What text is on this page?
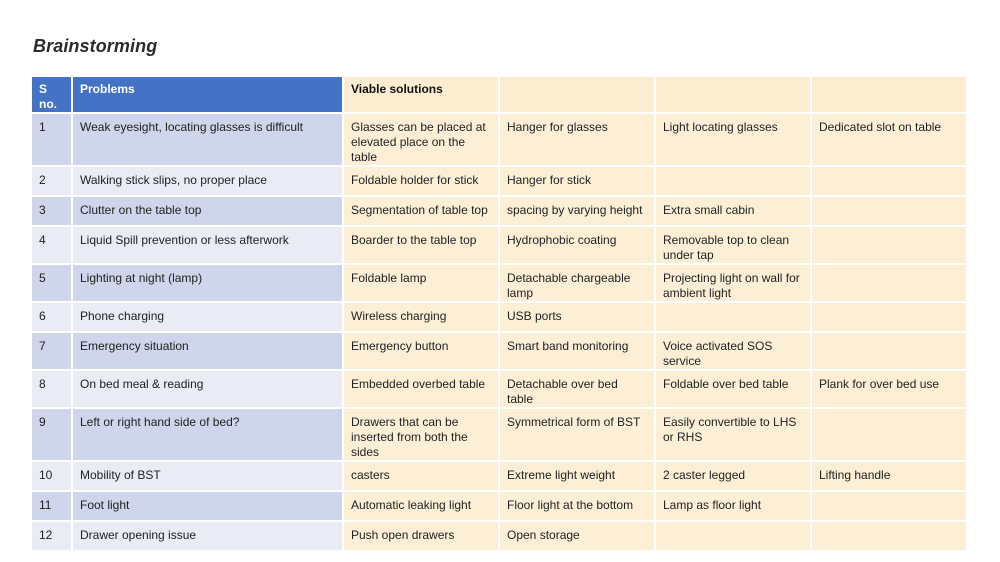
Brainstorming
S no.	Problems	Viable solutions			
1	Weak eyesight, locating glasses is difficult	Glasses can be placed at elevated place on the table	Hanger for glasses	Light locating glasses	Dedicated slot on table
2	Walking stick slips, no proper place	Foldable holder for stick	Hanger for stick		
3	Clutter on the table top	Segmentation of table top	spacing by varying height	Extra small cabin	
4	Liquid Spill prevention or less afterwork	Boarder to the table top	Hydrophobic coating	Removable top to clean under tap	
5	Lighting at night (lamp)	Foldable lamp	Detachable chargeable lamp	Projecting light on wall for ambient light	
6	Phone charging	Wireless charging	USB ports		
7	Emergency situation	Emergency button	Smart band monitoring	Voice activated SOS service	
8	On bed meal & reading	Embedded overbed table	Detachable over bed table	Foldable over bed table	Plank for over bed use
9	Left or right hand side of bed?	Drawers that can be inserted from both the sides	Symmetrical form of BST	Easily convertible to LHS or RHS	
10	Mobility of BST	casters	Extreme light weight	2 caster legged	Lifting handle
11	Foot light	Automatic leaking light	Floor light at the bottom	Lamp as floor light	
12	Drawer opening issue	Push open drawers	Open storage		
